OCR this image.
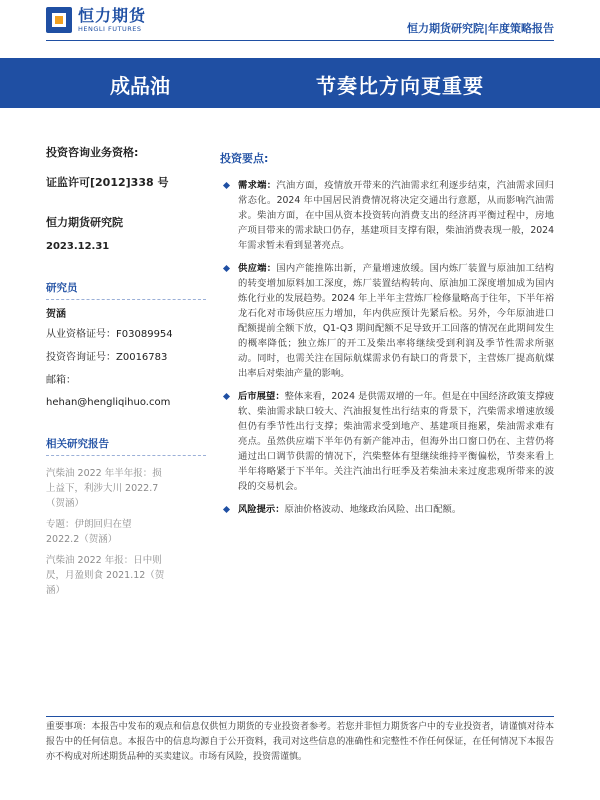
恒力期货
HENGLI FUTURES	恒力期货研究院|年度策略报告
成品油	节奏比方向更重要
投资咨询业务资格:
证监许可[2012]338 号
恒力期货研究院
2023.12.31
研究员
贺涵
从业资格证号：F03089954
投资咨询证号：Z0016783
邮箱：
hehan@hengliqihuo.com
相关研究报告
汽柴油 2022 年半年报：损
上益下，利涉大川 2022.7
（贺涵）
专题：伊朗回归在望
2022.2（贺涵）
汽柴油 2022 年报：日中则
昃，月盈则食 2021.12（贺
涵）
投资要点:
需求端：汽油方面，疫情放开带来的汽油需求红利逐步结束，汽油需求回归常态化。2024 年中国居民消费情况将决定交通出行意愿，从而影响汽油需求。柴油方面，在中国从资本投资转向消费支出的经济再平衡过程中，房地产项目带来的需求缺口仍存，基建项目支撑有限，柴油消费表现一般，2024 年需求暂未看到显著亮点。
供应端：国内产能推陈出新，产量增速放缓。国内炼厂装置与原油加工结构的转变增加原料加工深度，炼厂装置结构转向、原油加工深度增加成为国内炼化行业的发展趋势。2024 年上半年主营炼厂检修量略高于往年，下半年裕龙石化对市场供应压力增加，年内供应预计先紧后松。另外，今年原油进口配额提前全额下放，Q1-Q3 期间配额不足导致开工回落的情况在此期间发生的概率降低；独立炼厂的开工及柴出率将继续受到利润及季节性需求所驱动。同时，也需关注在国际航煤需求仍有缺口的背景下，主营炼厂提高航煤出率后对柴油产量的影响。
后市展望：整体来看，2024 是供需双增的一年。但是在中国经济政策支撑疲软、柴油需求缺口较大、汽油报复性出行结束的背景下，汽柴需求增速放缓但仍有季节性出行支撑；柴油需求受到地产、基建项目拖累，柴油需求难有亮点。虽然供应端下半年仍有新产能冲击，但海外出口窗口仍在、主营仍将通过出口调节供需的情况下，汽柴整体有望继续维持平衡偏松，节奏来看上半年将略紧于下半年。关注汽油出行旺季及若柴油未来过度悲观所带来的波段的交易机会。
风险提示：原油价格波动、地缘政治风险、出口配额。
重要事项：本报告中发布的观点和信息仅供恒力期货的专业投资者参考。若您并非恒力期货客户中的专业投资者，请谨慎对待本报告中的任何信息。本报告中的信息均源自于公开资料，我司对这些信息的准确性和完整性不作任何保证，在任何情况下本报告亦不构成对所述期货品种的买卖建议。市场有风险，投资需谨慎。
